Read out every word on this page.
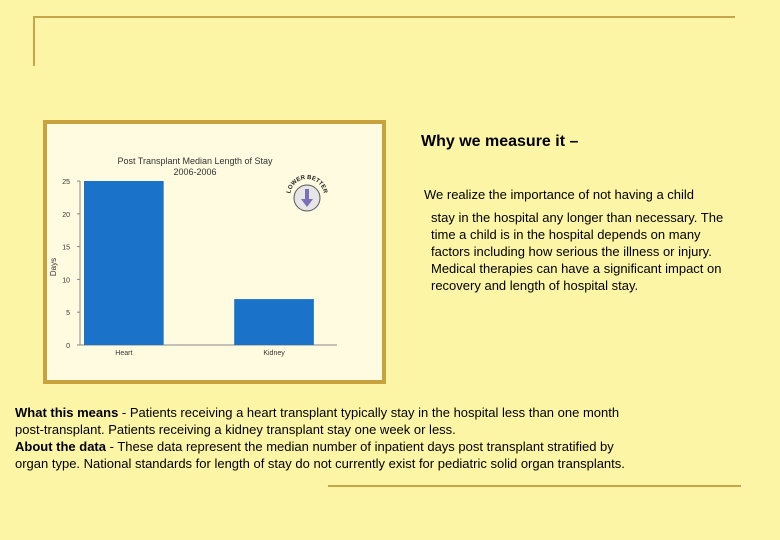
Post Transplant Median Length of Stay
2006-2006
Days
0
5
10
15
20
25
Heart	Kidney
LOWER BETTER
Why we measure it –
We realize the importance of not having a child
stay in the hospital any longer than necessary. The time a child is in the hospital depends on many factors including how serious the illness or injury. Medical therapies can have a significant impact on recovery and length of hospital stay.
What this means - Patients receiving a heart transplant typically stay in the hospital less than one month post-transplant. Patients receiving a kidney transplant stay one week or less.
About the data - These data represent the median number of inpatient days post transplant stratified by organ type. National standards for length of stay do not currently exist for pediatric solid organ transplants.
